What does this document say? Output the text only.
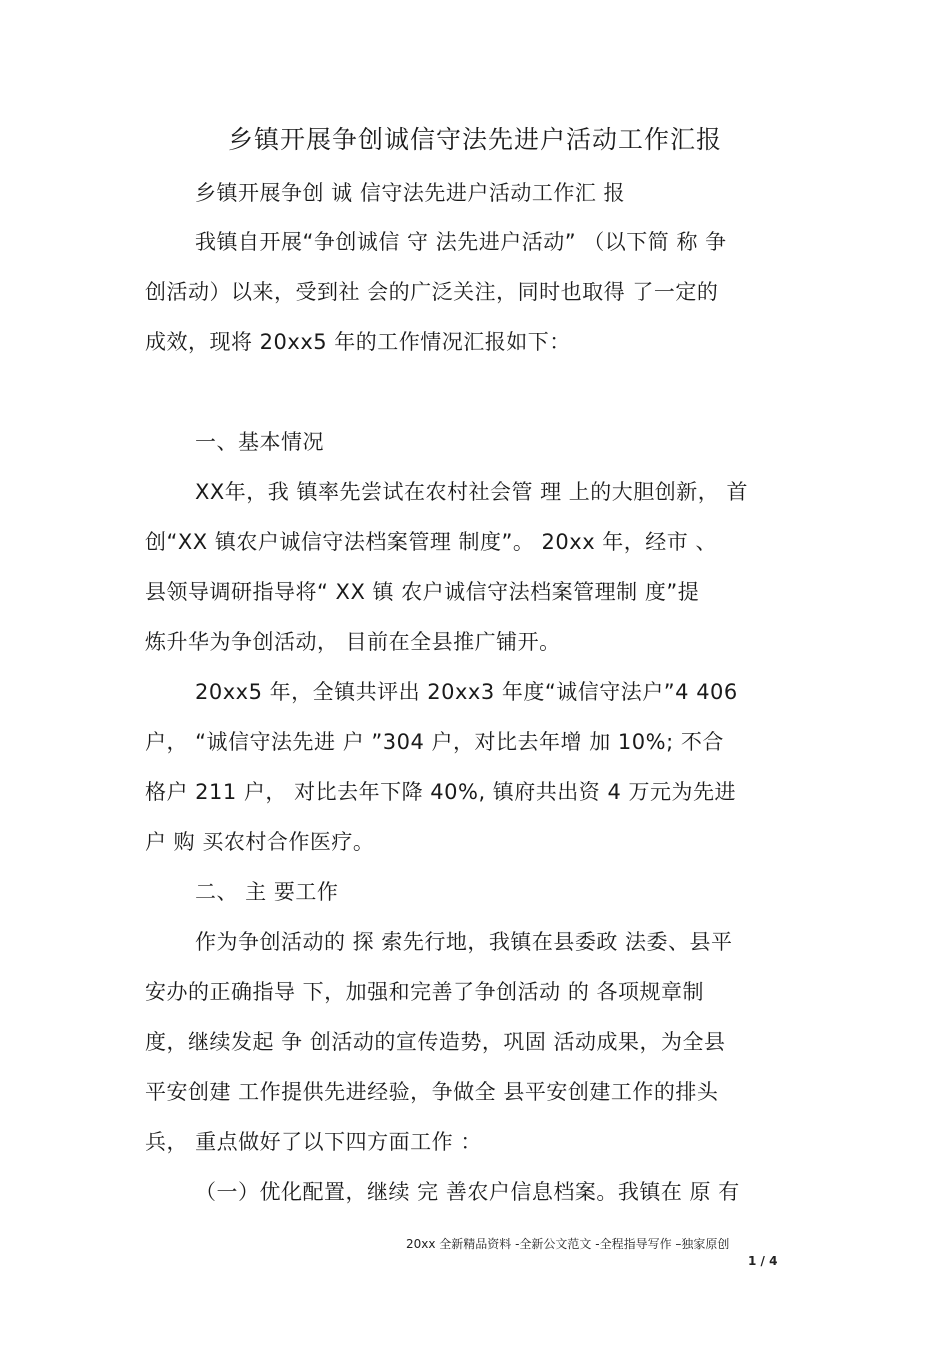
乡镇开展争创诚信守法先进户活动工作汇报
乡镇开展争创 诚 信守法先进户活动工作汇 报
我镇自开展“争创诚信 守 法先进户活动” （以下简 称 争
创活动）以来，受到社 会的广泛关注，同时也取得 了一定的
成效，现将 20xx5 年的工作情况汇报如下：
一、基本情况
XX年，我 镇率先尝试在农村社会管 理 上的大胆创新， 首
创“XX 镇农户诚信守法档案管理 制度”。 20xx 年，经市 、
县领导调研指导将“ XX 镇 农户诚信守法档案管理制 度”提
炼升华为争创活动， 目前在全县推广铺开。
20xx5 年，全镇共评出 20xx3 年度“诚信守法户”4 406
户， “诚信守法先进 户 ”304 户，对比去年增 加 10%; 不合
格户 211 户， 对比去年下降 40%, 镇府共出资 4 万元为先进
户 购 买农村合作医疗。
二、 主 要工作
作为争创活动的 探 索先行地，我镇在县委政 法委、县平
安办的正确指导 下，加强和完善了争创活动 的 各项规章制
度，继续发起 争 创活动的宣传造势，巩固 活动成果，为全县
平安创建 工作提供先进经验，争做全 县平安创建工作的排头
兵， 重点做好了以下四方面工作 ：
（一）优化配置，继续 完 善农户信息档案。我镇在 原 有
20xx 全新精品资料 -全新公文范文 -全程指导写作 –独家原创
1 / 4
